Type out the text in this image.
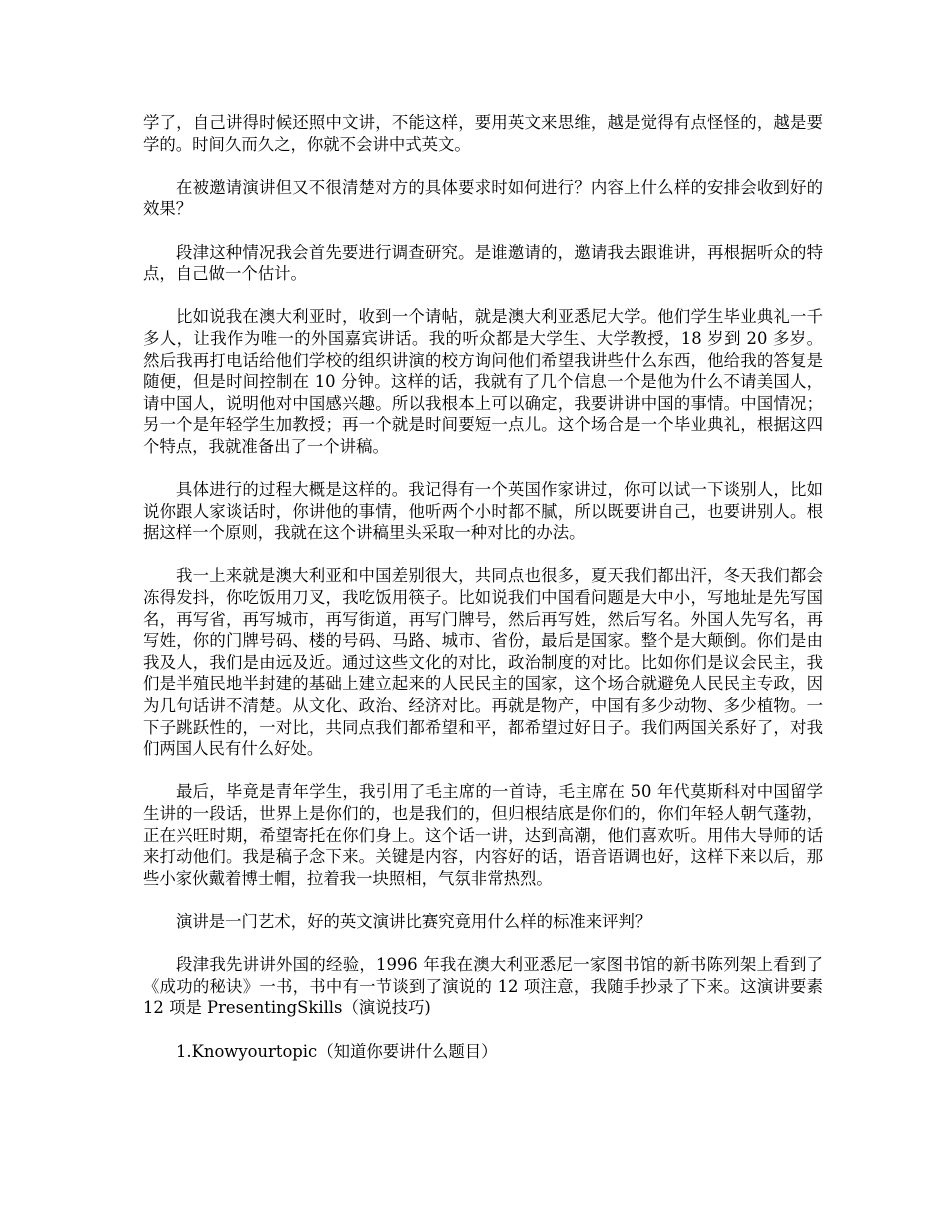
学了，自己讲得时候还照中文讲，不能这样，要用英文来思维，越是觉得有点怪怪的，越是要学的。时间久而久之，你就不会讲中式英文。

在被邀请演讲但又不很清楚对方的具体要求时如何进行？内容上什么样的安排会收到好的效果？

段津这种情况我会首先要进行调查研究。是谁邀请的，邀请我去跟谁讲，再根据听众的特点，自己做一个估计。

比如说我在澳大利亚时，收到一个请帖，就是澳大利亚悉尼大学。他们学生毕业典礼一千多人，让我作为唯一的外国嘉宾讲话。我的听众都是大学生、大学教授，18 岁到 20 多岁。然后我再打电话给他们学校的组织讲演的校方询问他们希望我讲些什么东西，他给我的答复是随便，但是时间控制在 10 分钟。这样的话，我就有了几个信息一个是他为什么不请美国人，请中国人，说明他对中国感兴趣。所以我根本上可以确定，我要讲讲中国的事情。中国情况；另一个是年轻学生加教授；再一个就是时间要短一点儿。这个场合是一个毕业典礼，根据这四个特点，我就准备出了一个讲稿。

具体进行的过程大概是这样的。我记得有一个英国作家讲过，你可以试一下谈别人，比如说你跟人家谈话时，你讲他的事情，他听两个小时都不腻，所以既要讲自己，也要讲别人。根据这样一个原则，我就在这个讲稿里头采取一种对比的办法。

我一上来就是澳大利亚和中国差别很大，共同点也很多，夏天我们都出汗，冬天我们都会冻得发抖，你吃饭用刀叉，我吃饭用筷子。比如说我们中国看问题是大中小，写地址是先写国名，再写省，再写城市，再写街道，再写门牌号，然后再写姓，然后写名。外国人先写名，再写姓，你的门牌号码、楼的号码、马路、城市、省份，最后是国家。整个是大颠倒。你们是由我及人，我们是由远及近。通过这些文化的对比，政治制度的对比。比如你们是议会民主，我们是半殖民地半封建的基础上建立起来的人民民主的国家，这个场合就避免人民民主专政，因为几句话讲不清楚。从文化、政治、经济对比。再就是物产，中国有多少动物、多少植物。一下子跳跃性的，一对比，共同点我们都希望和平，都希望过好日子。我们两国关系好了，对我们两国人民有什么好处。

最后，毕竟是青年学生，我引用了毛主席的一首诗，毛主席在 50 年代莫斯科对中国留学生讲的一段话，世界上是你们的，也是我们的，但归根结底是你们的，你们年轻人朝气蓬勃，正在兴旺时期，希望寄托在你们身上。这个话一讲，达到高潮，他们喜欢听。用伟大导师的话来打动他们。我是稿子念下来。关键是内容，内容好的话，语音语调也好，这样下来以后，那些小家伙戴着博士帽，拉着我一块照相，气氛非常热烈。

演讲是一门艺术，好的英文演讲比赛究竟用什么样的标准来评判？

段津我先讲讲外国的经验，1996 年我在澳大利亚悉尼一家图书馆的新书陈列架上看到了《成功的秘诀》一书，书中有一节谈到了演说的 12 项注意，我随手抄录了下来。这演讲要素 12 项是 PresentingSkills（演说技巧)

1.Knowyourtopic（知道你要讲什么题目）
